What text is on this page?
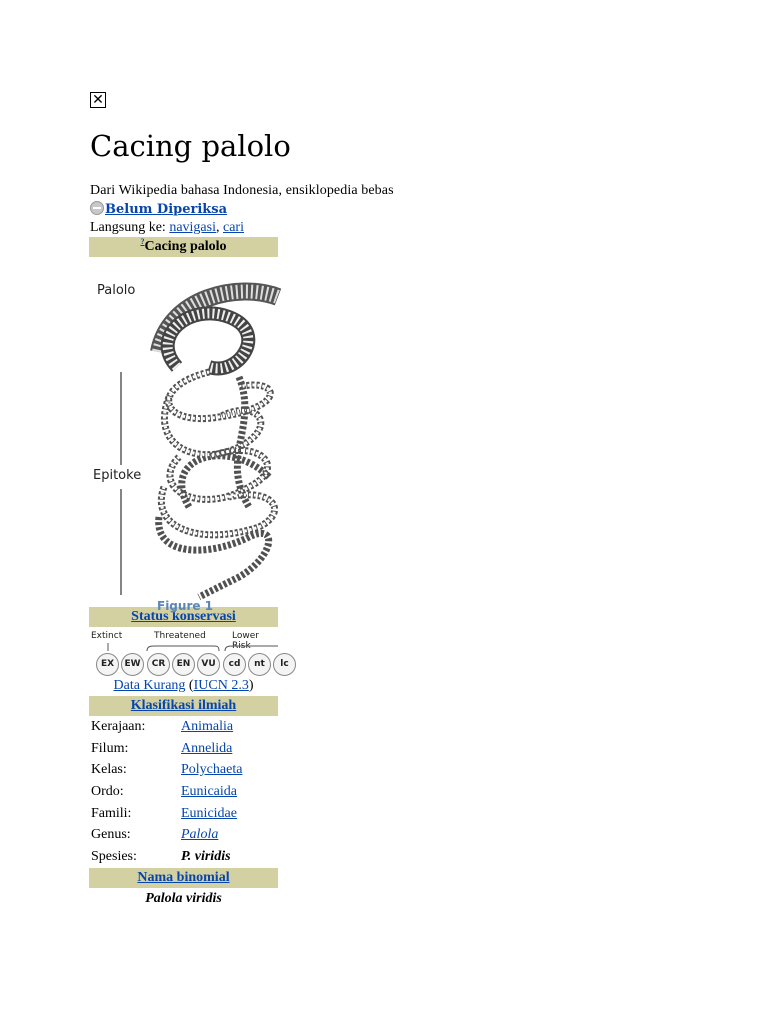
✕
Cacing palolo
Dari Wikipedia bahasa Indonesia, ensiklopedia bebas
Belum Diperiksa
Langsung ke: navigasi, cari
?Cacing palolo
Palolo
Epitoke
Figure 1
Status konservasi
Extinct	Threatened	Lower Risk
EX	EW	CR	EN	VU	cd	nt	lc
Data Kurang (IUCN 2.3)
Klasifikasi ilmiah
Kerajaan:	Animalia
Filum:	Annelida
Kelas:	Polychaeta
Ordo:	Eunicaida
Famili:	Eunicidae
Genus:	Palola
Spesies:	P. viridis
Nama binomial
Palola viridis
